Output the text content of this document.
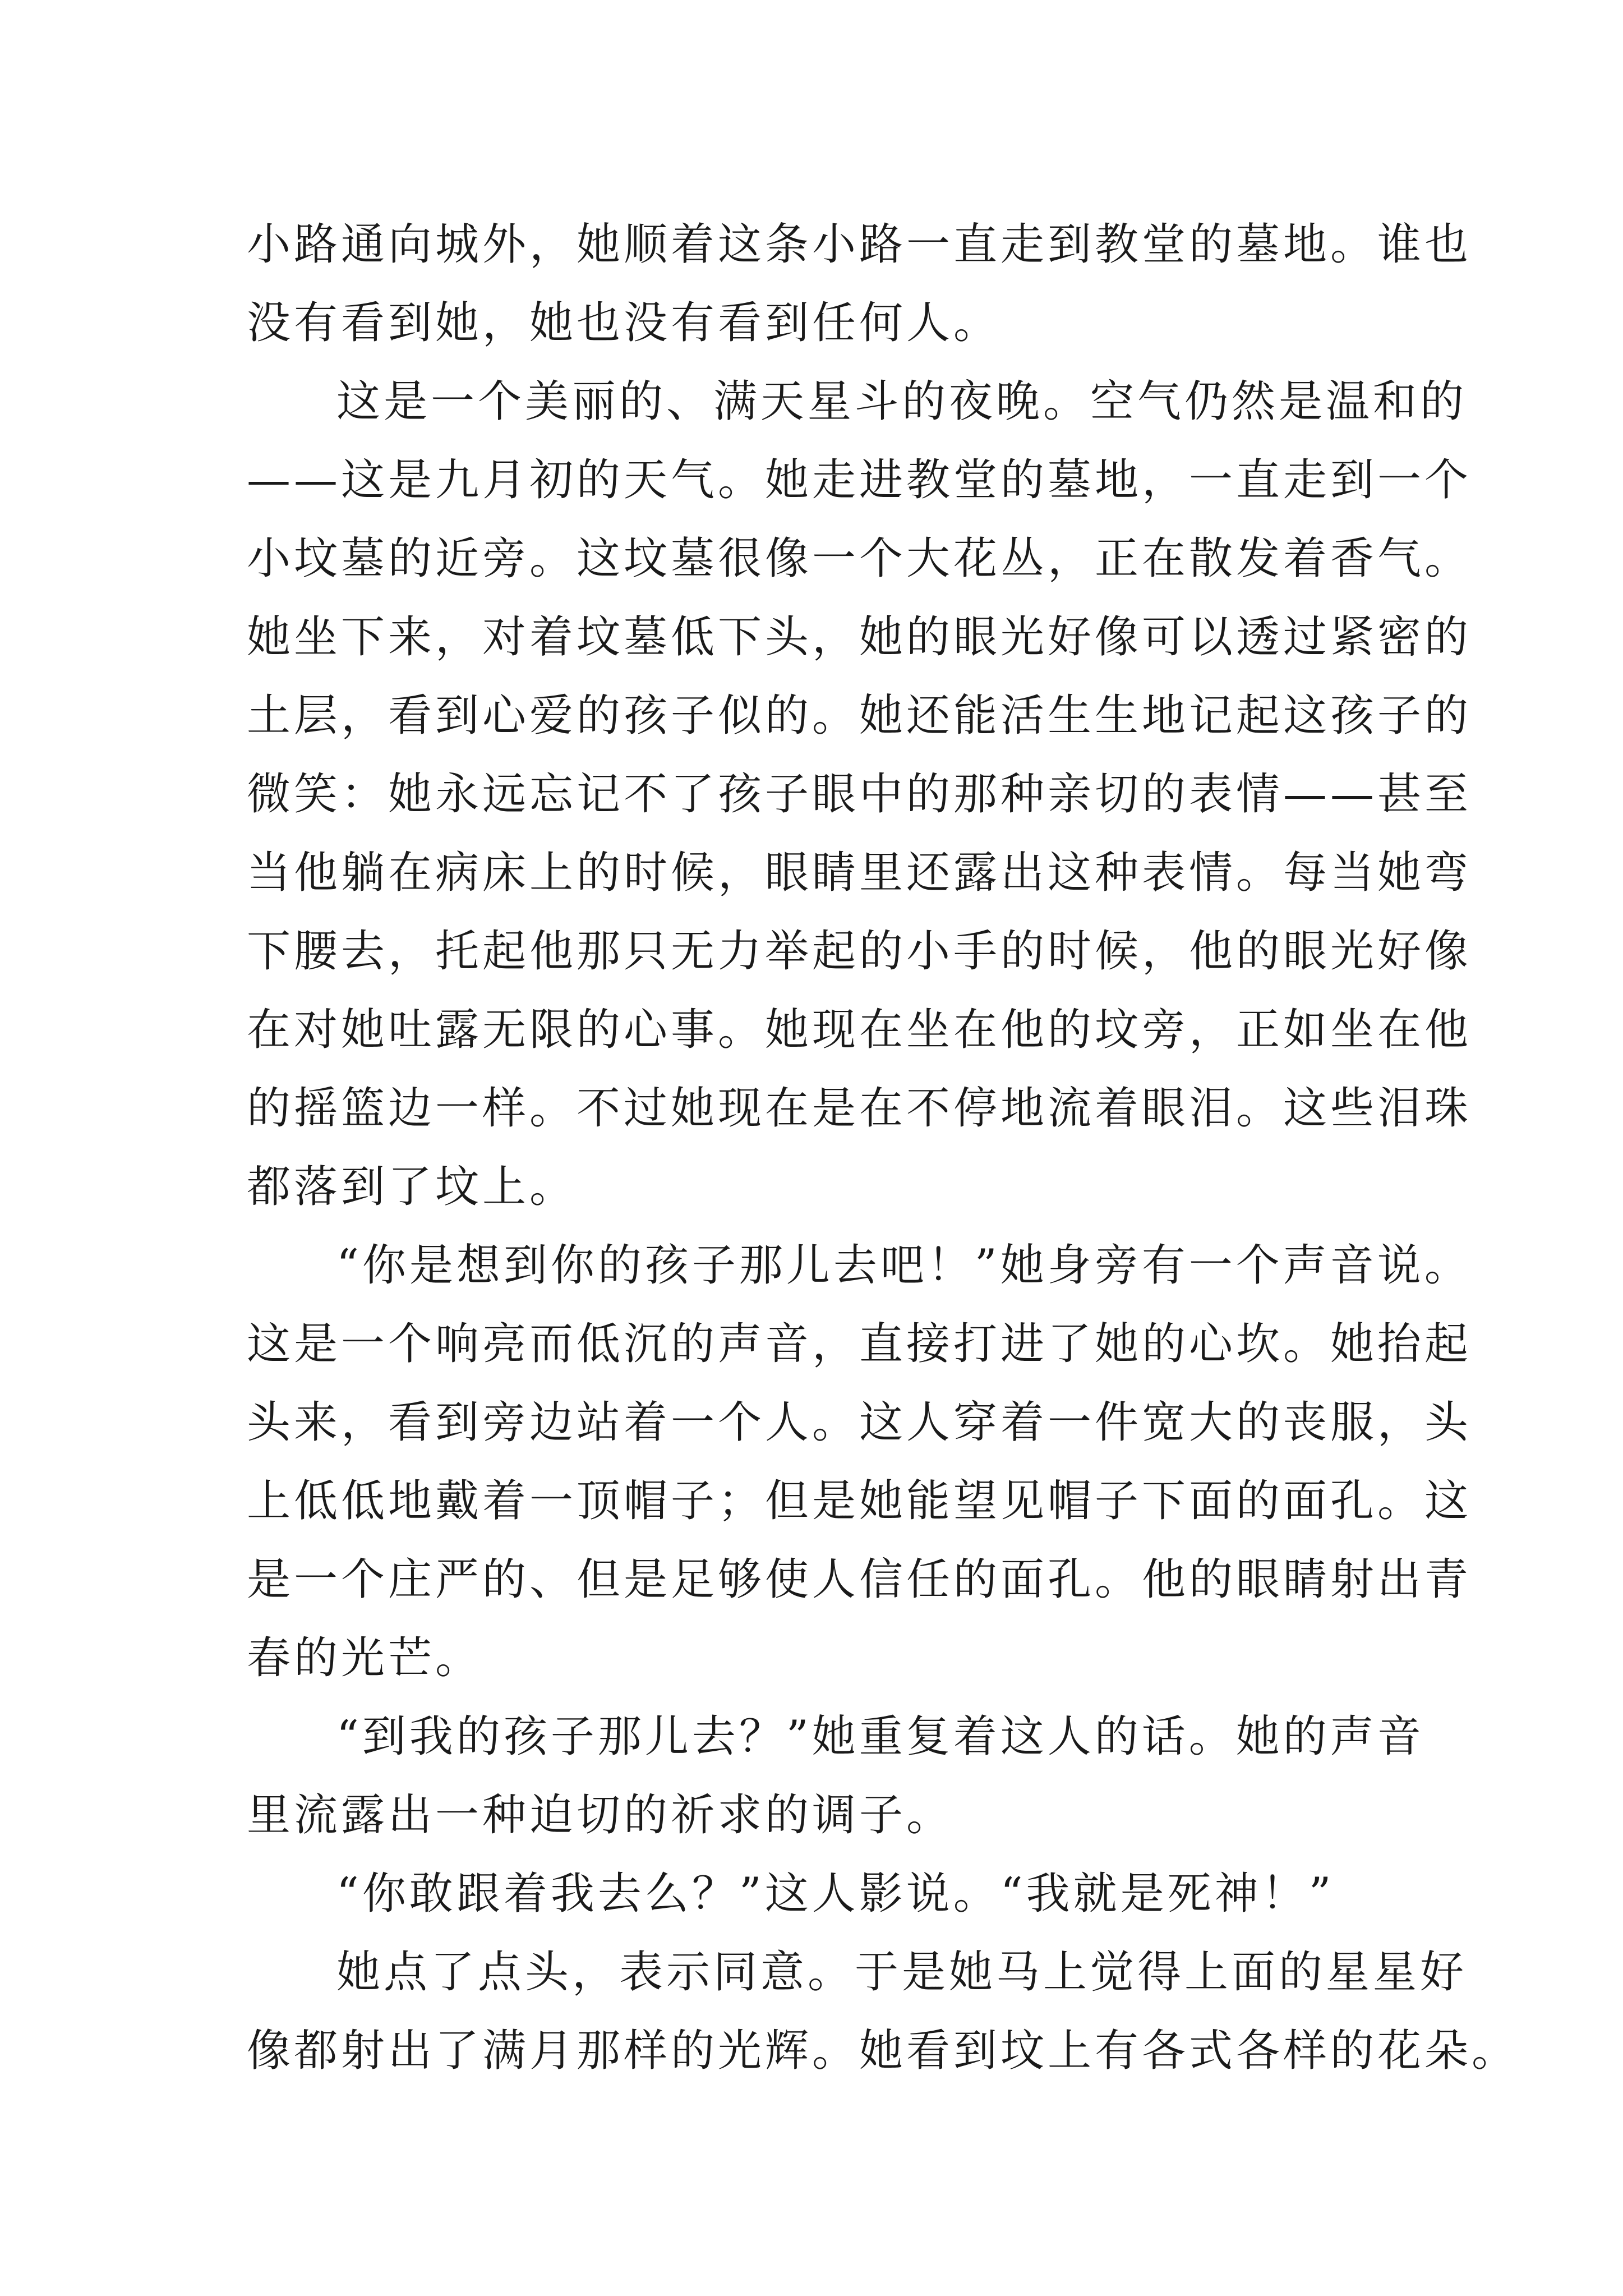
小路通向城外，她顺着这条小路一直走到教堂的墓地。谁也
没有看到她，她也没有看到任何人。
这是一个美丽的、满天星斗的夜晚。空气仍然是温和的
——这是九月初的天气。她走进教堂的墓地，一直走到一个
小坟墓的近旁。这坟墓很像一个大花丛，正在散发着香气。
她坐下来，对着坟墓低下头，她的眼光好像可以透过紧密的
土层，看到心爱的孩子似的。她还能活生生地记起这孩子的
微笑：她永远忘记不了孩子眼中的那种亲切的表情——甚至
当他躺在病床上的时候，眼睛里还露出这种表情。每当她弯
下腰去，托起他那只无力举起的小手的时候，他的眼光好像
在对她吐露无限的心事。她现在坐在他的坟旁，正如坐在他
的摇篮边一样。不过她现在是在不停地流着眼泪。这些泪珠
都落到了坟上。
“你是想到你的孩子那儿去吧！”她身旁有一个声音说。
这是一个响亮而低沉的声音，直接打进了她的心坎。她抬起
头来，看到旁边站着一个人。这人穿着一件宽大的丧服，头
上低低地戴着一顶帽子；但是她能望见帽子下面的面孔。这
是一个庄严的、但是足够使人信任的面孔。他的眼睛射出青
春的光芒。
“到我的孩子那儿去？”她重复着这人的话。她的声音
里流露出一种迫切的祈求的调子。
“你敢跟着我去么？”这人影说。“我就是死神！”
她点了点头，表示同意。于是她马上觉得上面的星星好
像都射出了满月那样的光辉。她看到坟上有各式各样的花朵。
